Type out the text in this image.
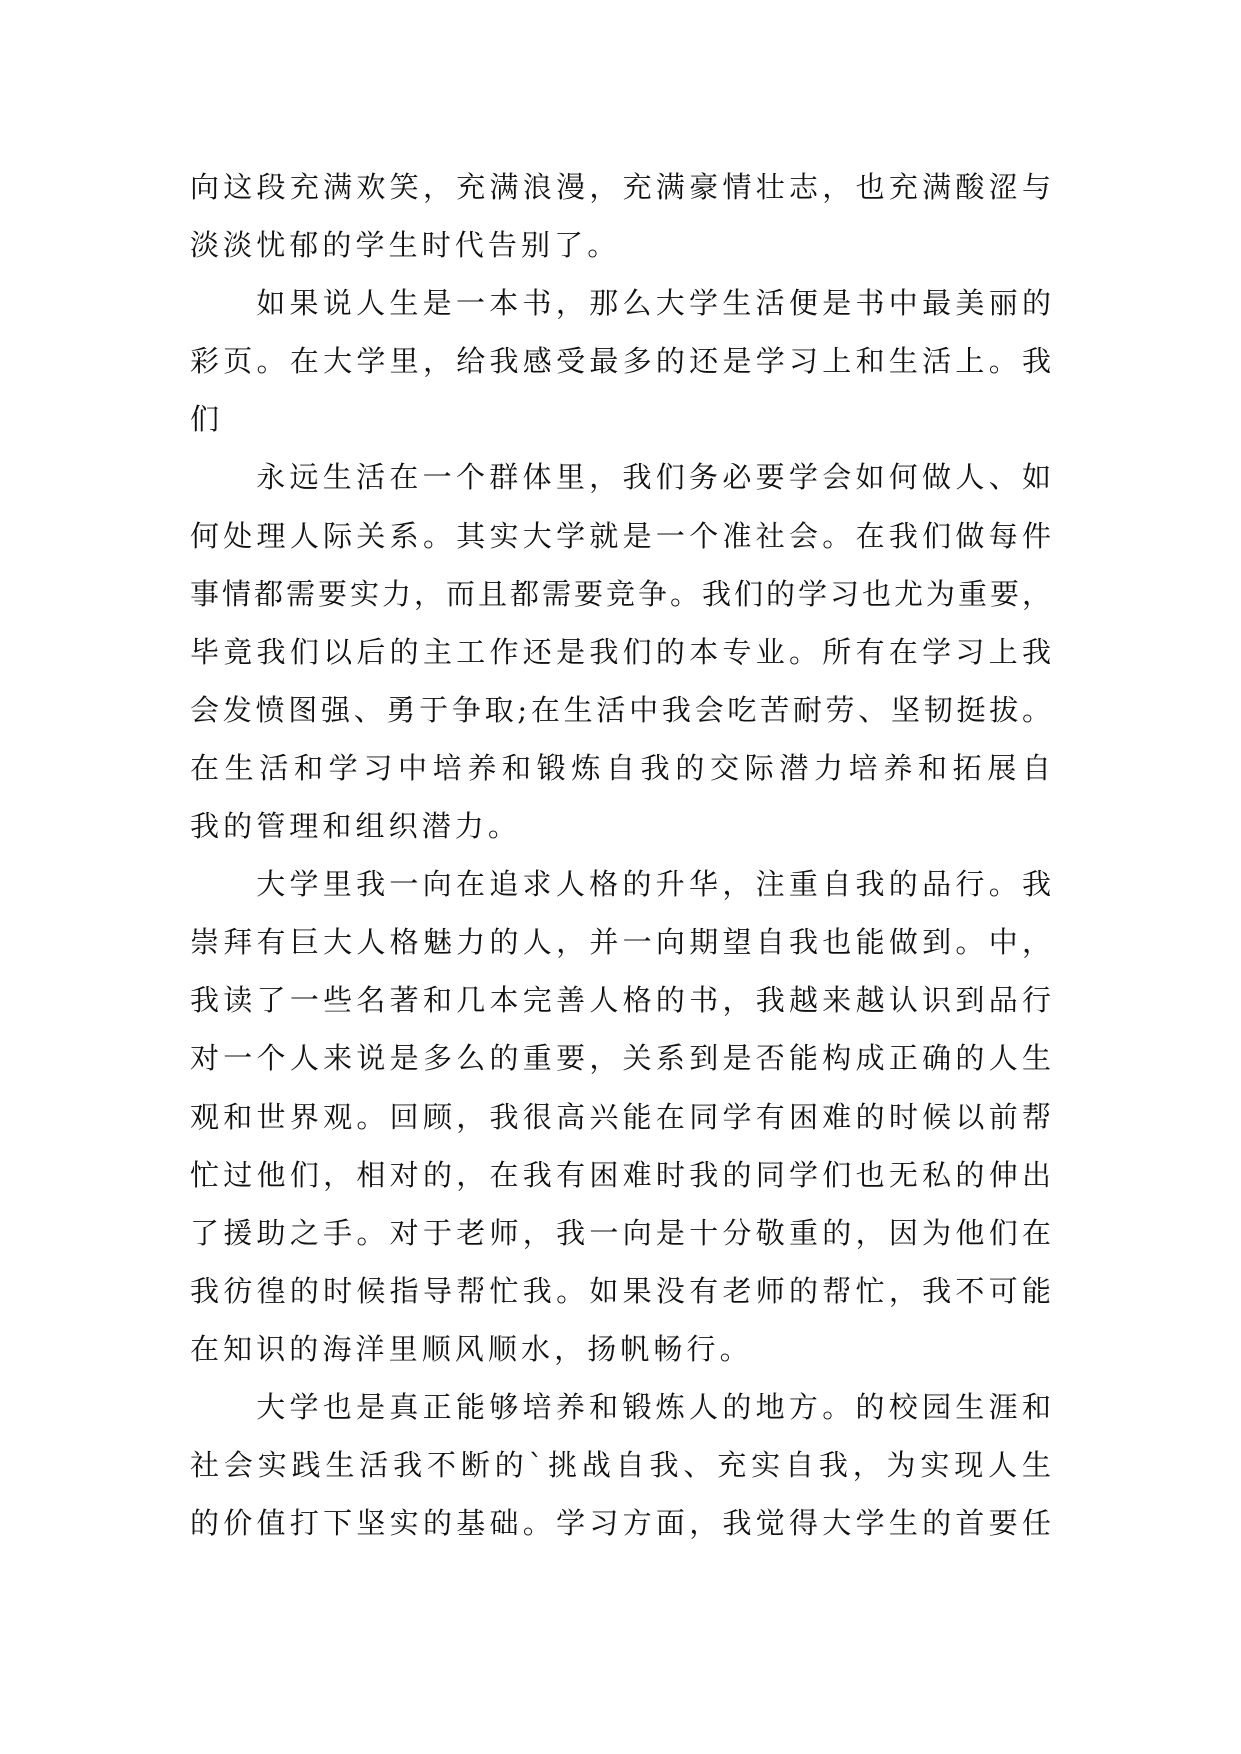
向这段充满欢笑，充满浪漫，充满豪情壮志，也充满酸涩与
淡淡忧郁的学生时代告别了。
如果说人生是一本书，那么大学生活便是书中最美丽的
彩页。在大学里，给我感受最多的还是学习上和生活上。我
们
永远生活在一个群体里，我们务必要学会如何做人、如
何处理人际关系。其实大学就是一个准社会。在我们做每件
事情都需要实力，而且都需要竞争。我们的学习也尤为重要，
毕竟我们以后的主工作还是我们的本专业。所有在学习上我
会发愤图强、勇于争取;在生活中我会吃苦耐劳、坚韧挺拔。
在生活和学习中培养和锻炼自我的交际潜力培养和拓展自
我的管理和组织潜力。
大学里我一向在追求人格的升华，注重自我的品行。我
崇拜有巨大人格魅力的人，并一向期望自我也能做到。中，
我读了一些名著和几本完善人格的书，我越来越认识到品行
对一个人来说是多么的重要，关系到是否能构成正确的人生
观和世界观。回顾，我很高兴能在同学有困难的时候以前帮
忙过他们，相对的，在我有困难时我的同学们也无私的伸出
了援助之手。对于老师，我一向是十分敬重的，因为他们在
我彷徨的时候指导帮忙我。如果没有老师的帮忙，我不可能
在知识的海洋里顺风顺水，扬帆畅行。
大学也是真正能够培养和锻炼人的地方。的校园生涯和
社会实践生活我不断的`挑战自我、充实自我，为实现人生
的价值打下坚实的基础。学习方面，我觉得大学生的首要任
